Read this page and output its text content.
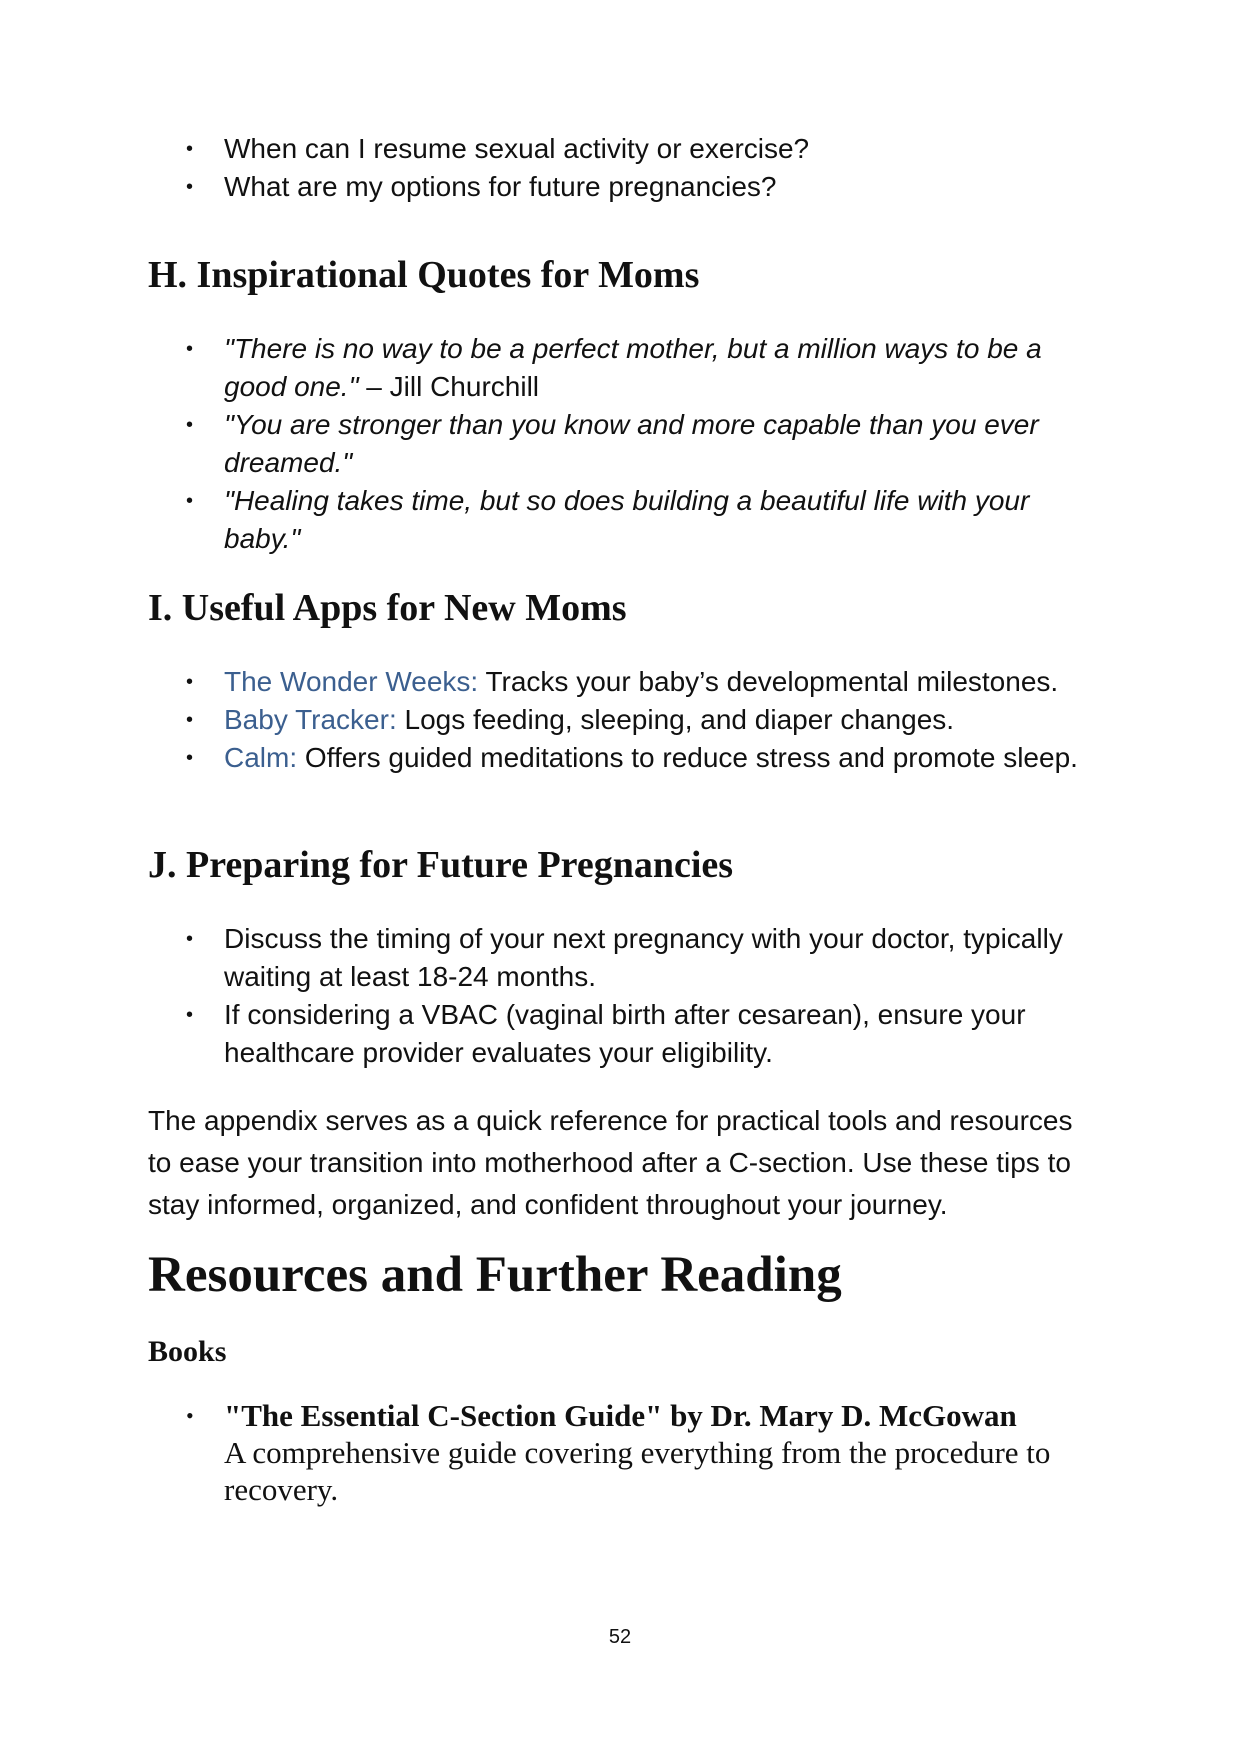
• When can I resume sexual activity or exercise?
• What are my options for future pregnancies?
H. Inspirational Quotes for Moms
• "There is no way to be a perfect mother, but a million ways to be a good one." – Jill Churchill
• "You are stronger than you know and more capable than you ever dreamed."
• "Healing takes time, but so does building a beautiful life with your baby."
I. Useful Apps for New Moms
• The Wonder Weeks: Tracks your baby’s developmental milestones.
• Baby Tracker: Logs feeding, sleeping, and diaper changes.
• Calm: Offers guided meditations to reduce stress and promote sleep.
J. Preparing for Future Pregnancies
• Discuss the timing of your next pregnancy with your doctor, typically waiting at least 18-24 months.
• If considering a VBAC (vaginal birth after cesarean), ensure your healthcare provider evaluates your eligibility.

The appendix serves as a quick reference for practical tools and resources to ease your transition into motherhood after a C-section. Use these tips to stay informed, organized, and confident throughout your journey.

Resources and Further Reading
Books
• "The Essential C-Section Guide" by Dr. Mary D. McGowan
A comprehensive guide covering everything from the procedure to recovery.
52
